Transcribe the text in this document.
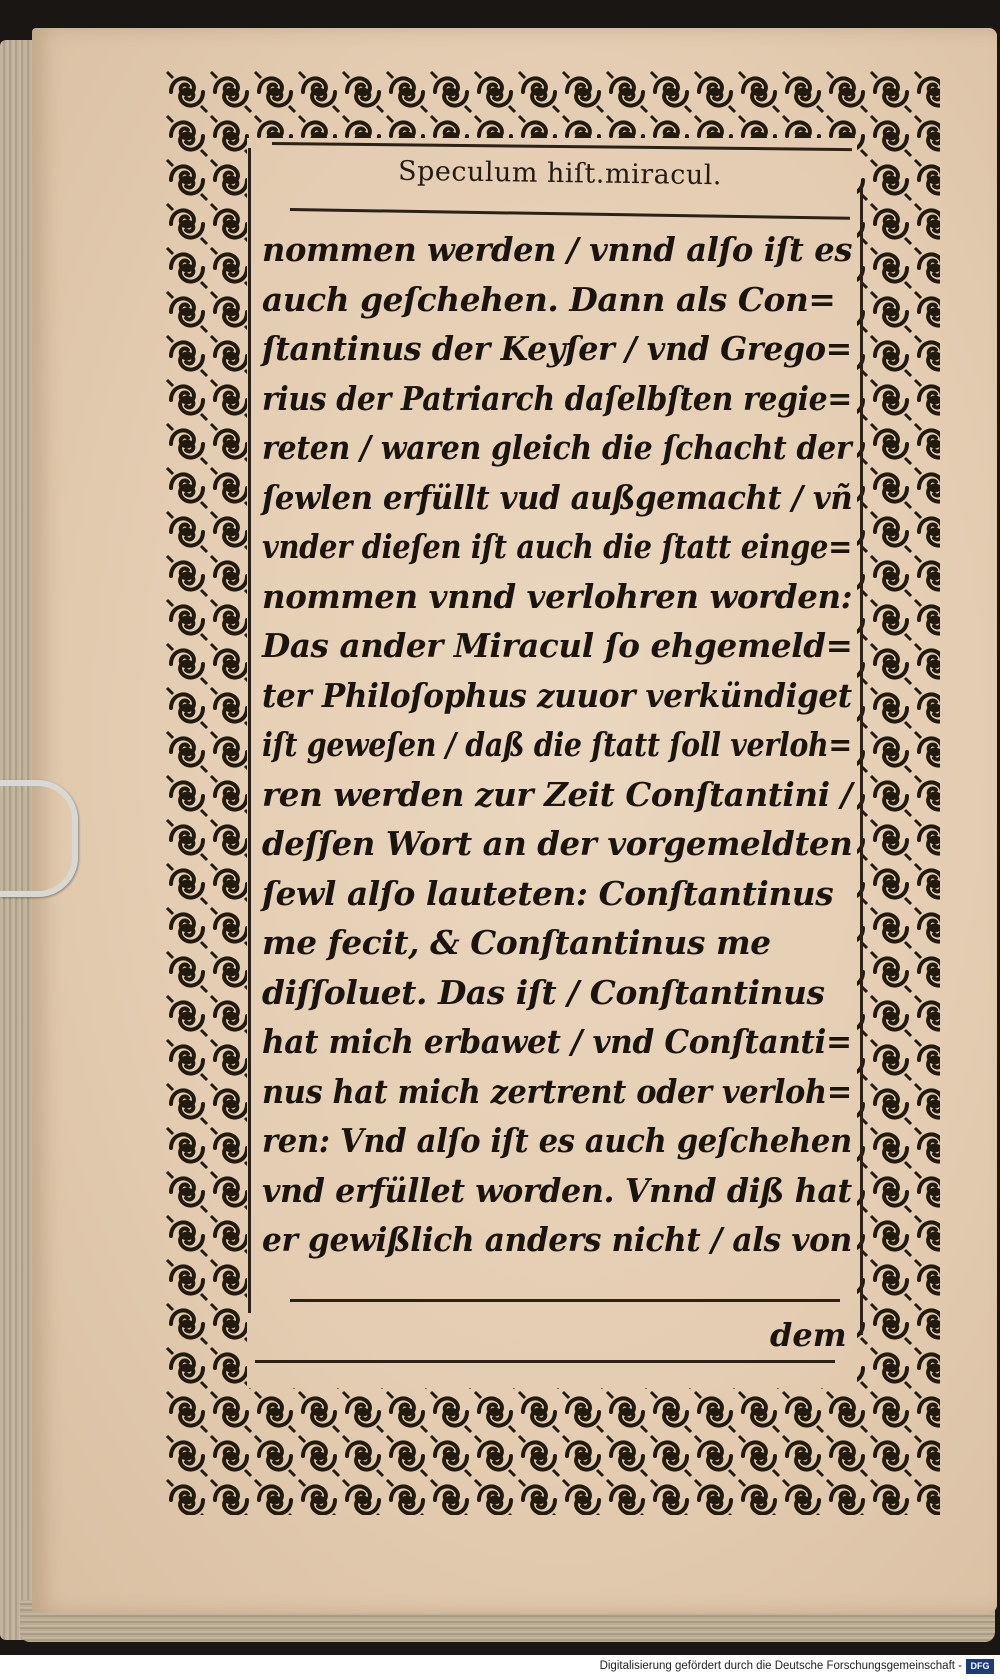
Speculum hiſt.miracul.
nommen werden / vnnd alſo iſt es
auch geſchehen. Dann als Con=
ſtantinus der Keyſer / vnd Grego=
rius der Patriarch daſelbſten regie=
reten / waren gleich die ſchacht der
ſewlen erfüllt vud außgemacht / vñ
vnder dieſen iſt auch die ſtatt einge=
nommen vnnd verlohren worden:
Das ander Miracul ſo ehgemeld=
ter Philoſophus zuuor verkündiget
iſt geweſen / daß die ſtatt ſoll verloh=
ren werden zur Zeit Conſtantini /
deſſen Wort an der vorgemeldten
ſewl alſo lauteten: Conſtantinus
me fecit, & Conſtantinus me
diſſoluet. Das iſt / Conſtantinus
hat mich erbawet / vnd Conſtanti=
nus hat mich zertrent oder verloh=
ren: Vnd alſo iſt es auch geſchehen
vnd erfüllet worden. Vnnd diß hat
er gewißlich anders nicht / als von
dem
Digitalisierung gefördert durch die Deutsche Forschungsgemeinschaft - DFG
